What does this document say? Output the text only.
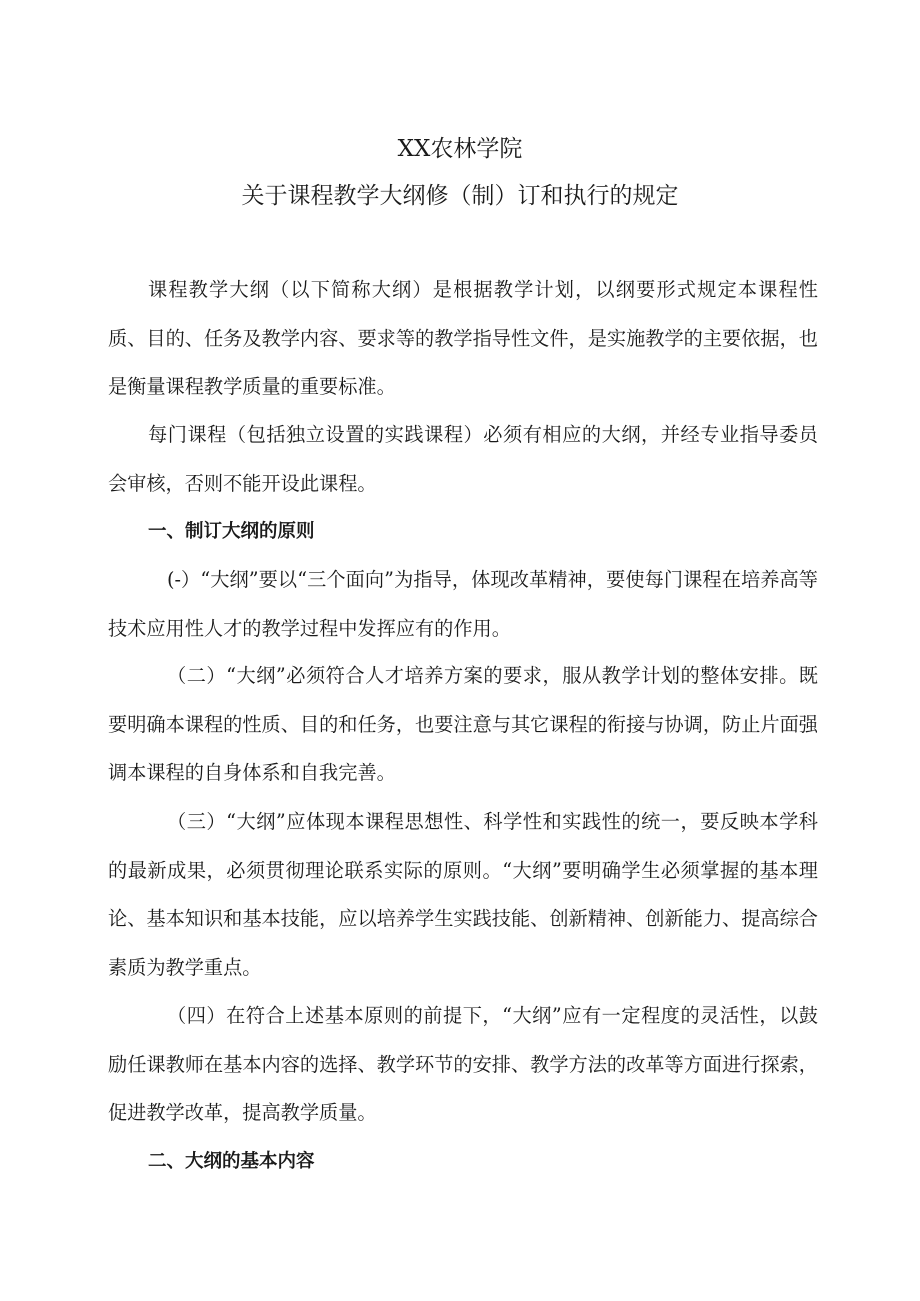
XX农林学院
关于课程教学大纲修（制）订和执行的规定

课程教学大纲（以下简称大纲）是根据教学计划，以纲要形式规定本课程性质、目的、任务及教学内容、要求等的教学指导性文件，是实施教学的主要依据，也是衡量课程教学质量的重要标准。

每门课程（包括独立设置的实践课程）必须有相应的大纲，并经专业指导委员会审核，否则不能开设此课程。

一、制订大纲的原则

(-）“大纲”要以“三个面向”为指导，体现改革精神，要使每门课程在培养高等技术应用性人才的教学过程中发挥应有的作用。

（二）“大纲”必须符合人才培养方案的要求，服从教学计划的整体安排。既要明确本课程的性质、目的和任务，也要注意与其它课程的衔接与协调，防止片面强调本课程的自身体系和自我完善。

（三）“大纲”应体现本课程思想性、科学性和实践性的统一，要反映本学科的最新成果，必须贯彻理论联系实际的原则。“大纲”要明确学生必须掌握的基本理论、基本知识和基本技能，应以培养学生实践技能、创新精神、创新能力、提高综合素质为教学重点。

（四）在符合上述基本原则的前提下，“大纲”应有一定程度的灵活性，以鼓励任课教师在基本内容的选择、教学环节的安排、教学方法的改革等方面进行探索，促进教学改革，提高教学质量。

二、大纲的基本内容
